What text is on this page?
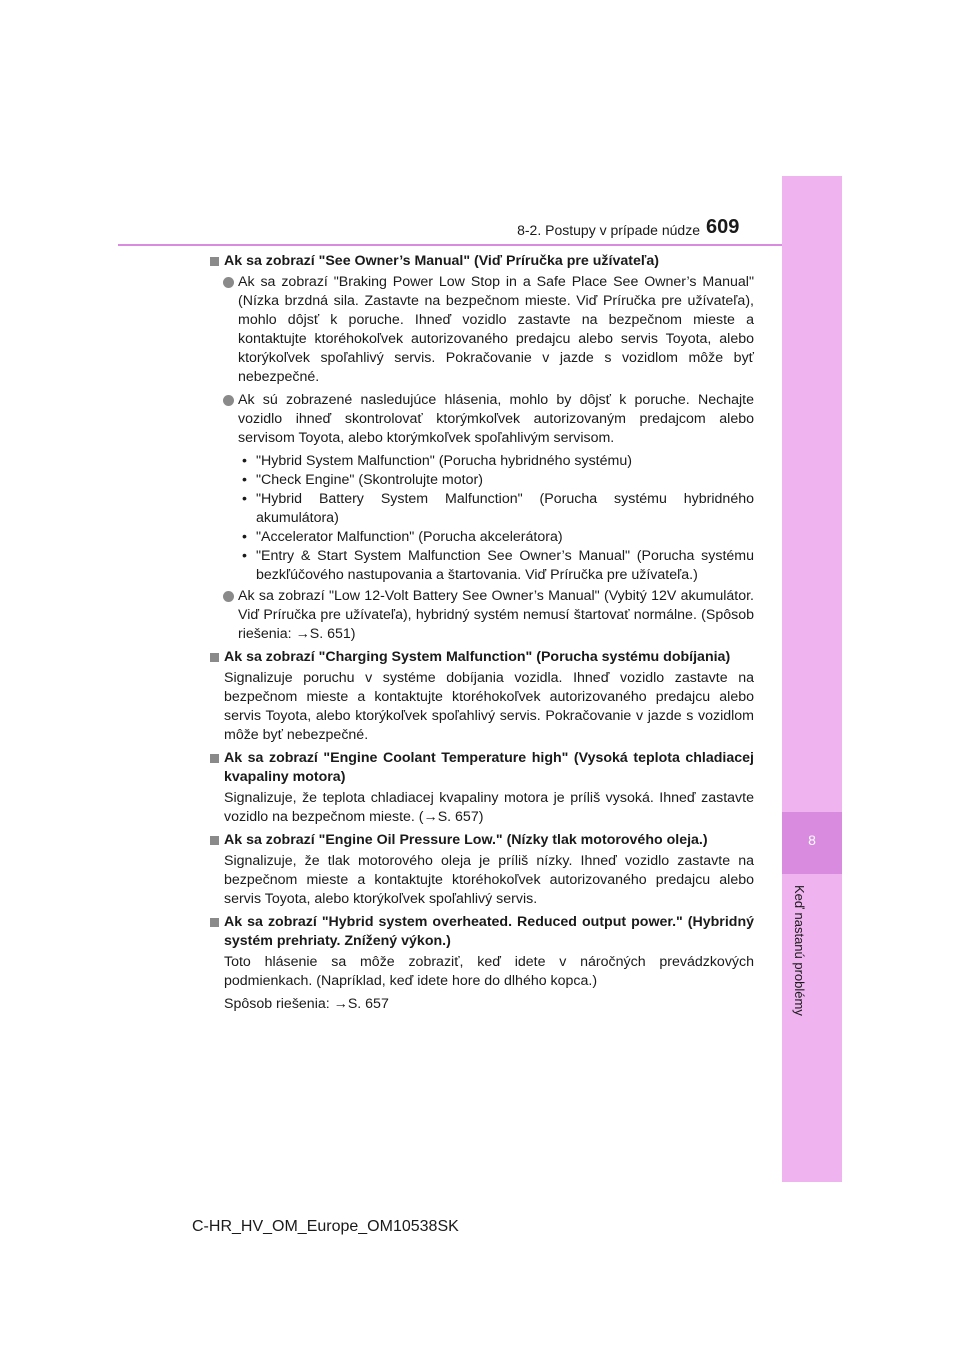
8
Keď nastanú problémy
8-2. Postupy v prípade núdze 609
Ak sa zobrazí "See Owner’s Manual" (Viď Príručka pre užívateľa)
Ak sa zobrazí "Braking Power Low Stop in a Safe Place See Owner’s Manual" (Nízka brzdná sila. Zastavte na bezpečnom mieste. Viď Príručka pre užívateľa), mohlo dôjsť k poruche. Ihneď vozidlo zastavte na bezpečnom mieste a kontaktujte ktoréhokoľvek autorizovaného predajcu alebo servis Toyota, alebo ktorýkoľvek spoľahlivý servis. Pokračovanie v jazde s vozidlom môže byť nebezpečné.
Ak sú zobrazené nasledujúce hlásenia, mohlo by dôjsť k poruche. Nechajte vozidlo ihneď skontrolovať ktorýmkoľvek autorizovaným predajcom alebo servisom Toyota, alebo ktorýmkoľvek spoľahlivým servisom.
• "Hybrid System Malfunction" (Porucha hybridného systému)
• "Check Engine" (Skontrolujte motor)
• "Hybrid Battery System Malfunction" (Porucha systému hybridného akumulátora)
• "Accelerator Malfunction" (Porucha akcelerátora)
• "Entry & Start System Malfunction See Owner’s Manual" (Porucha systému bezkľúčového nastupovania a štartovania. Viď Príručka pre užívateľa.)
Ak sa zobrazí "Low 12-Volt Battery See Owner’s Manual" (Vybitý 12V akumulátor. Viď Príručka pre užívateľa), hybridný systém nemusí štartovať normálne. (Spôsob riešenia: →S. 651)
Ak sa zobrazí "Charging System Malfunction" (Porucha systému dobíjania)
Signalizuje poruchu v systéme dobíjania vozidla. Ihneď vozidlo zastavte na bezpečnom mieste a kontaktujte ktoréhokoľvek autorizovaného predajcu alebo servis Toyota, alebo ktorýkoľvek spoľahlivý servis. Pokračovanie v jazde s vozidlom môže byť nebezpečné.
Ak sa zobrazí "Engine Coolant Temperature high" (Vysoká teplota chladiacej kvapaliny motora)
Signalizuje, že teplota chladiacej kvapaliny motora je príliš vysoká. Ihneď zastavte vozidlo na bezpečnom mieste. (→S. 657)
Ak sa zobrazí "Engine Oil Pressure Low." (Nízky tlak motorového oleja.)
Signalizuje, že tlak motorového oleja je príliš nízky. Ihneď vozidlo zastavte na bezpečnom mieste a kontaktujte ktoréhokoľvek autorizovaného predajcu alebo servis Toyota, alebo ktorýkoľvek spoľahlivý servis.
Ak sa zobrazí "Hybrid system overheated. Reduced output power." (Hybridný systém prehriaty. Znížený výkon.)
Toto hlásenie sa môže zobraziť, keď idete v náročných prevádzkových podmienkach. (Napríklad, keď idete hore do dlhého kopca.)
Spôsob riešenia: →S. 657
C-HR_HV_OM_Europe_OM10538SK
